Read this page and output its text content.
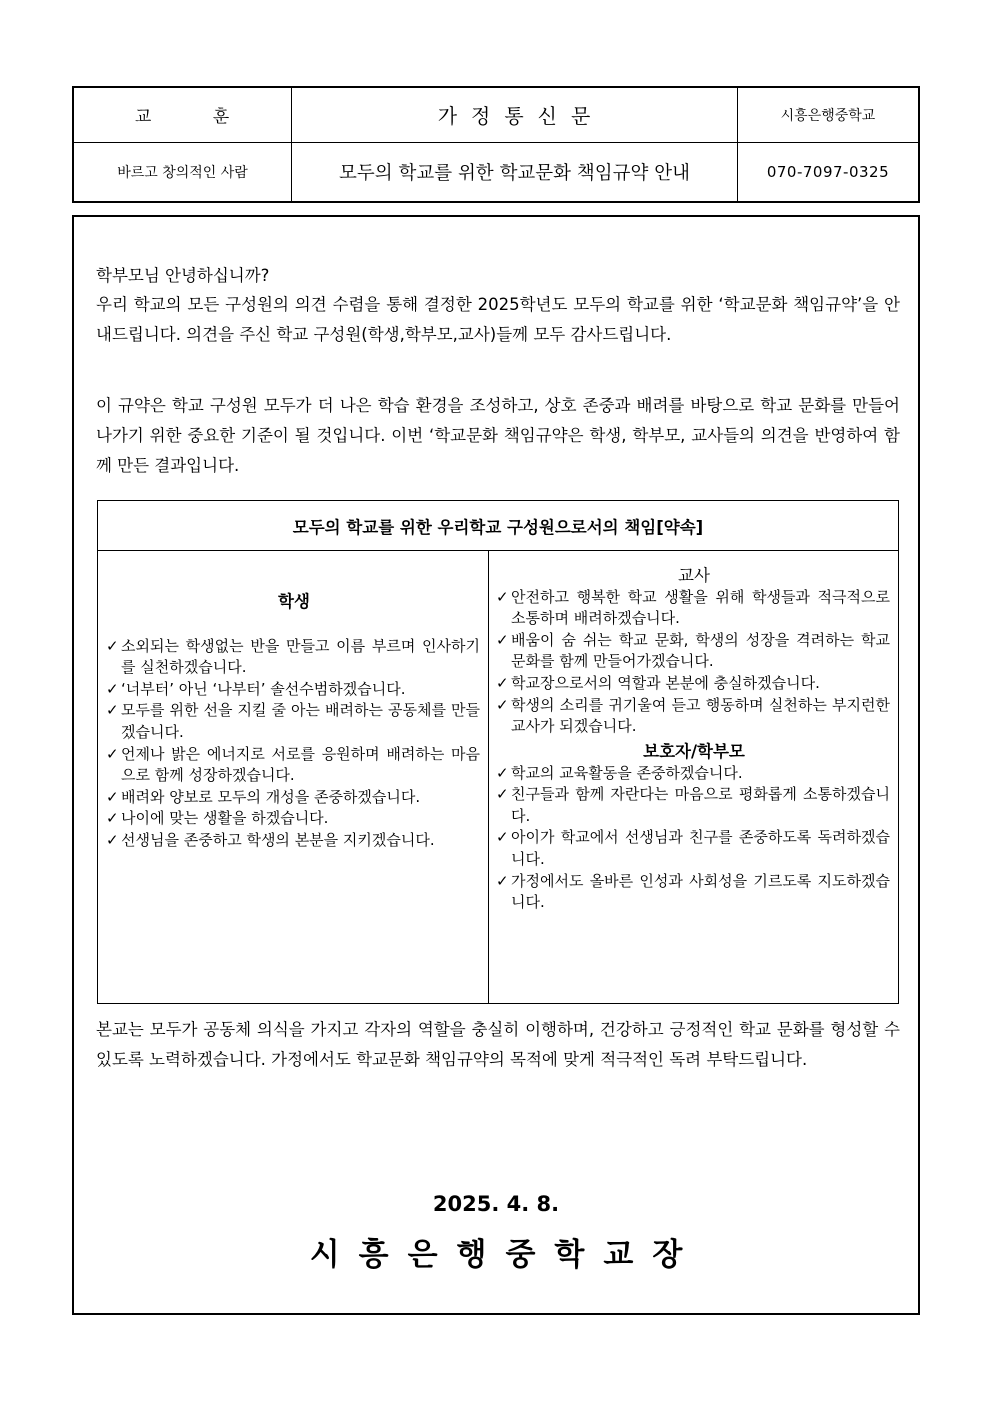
교 훈	가정통신문	시흥은행중학교
바르고 창의적인 사람	모두의 학교를 위한 학교문화 책임규약 안내	070-7097-0325

학부모님 안녕하십니까?

우리 학교의 모든 구성원의 의견 수렴을 통해 결정한 2025학년도 모두의 학교를 위한 ‘학교문화 책임규약’을 안내드립니다. 의견을 주신 학교 구성원(학생,학부모,교사)들께 모두 감사드립니다.

이 규약은 학교 구성원 모두가 더 나은 학습 환경을 조성하고, 상호 존중과 배려를 바탕으로 학교 문화를 만들어 나가기 위한 중요한 기준이 될 것입니다. 이번 ‘학교문화 책임규약은 학생, 학부모, 교사들의 의견을 반영하여 함께 만든 결과입니다.

모두의 학교를 위한 우리학교 구성원으로서의 책임[약속]
학생
✓ 소외되는 학생없는 반을 만들고 이름 부르며 인사하기를 실천하겠습니다.
✓ ‘너부터’ 아닌 ‘나부터’ 솔선수범하겠습니다.
✓ 모두를 위한 선을 지킬 줄 아는 배려하는 공동체를 만들겠습니다.
✓ 언제나 밝은 에너지로 서로를 응원하며 배려하는 마음으로 함께 성장하겠습니다.
✓ 배려와 양보로 모두의 개성을 존중하겠습니다.
✓ 나이에 맞는 생활을 하겠습니다.
✓ 선생님을 존중하고 학생의 본분을 지키겠습니다.
교사
✓ 안전하고 행복한 학교 생활을 위해 학생들과 적극적으로 소통하며 배려하겠습니다.
✓ 배움이 숨 쉬는 학교 문화, 학생의 성장을 격려하는 학교 문화를 함께 만들어가겠습니다.
✓ 학교장으로서의 역할과 본분에 충실하겠습니다.
✓ 학생의 소리를 귀기울여 듣고 행동하며 실천하는 부지런한 교사가 되겠습니다.
보호자/학부모
✓ 학교의 교육활동을 존중하겠습니다.
✓ 친구들과 함께 자란다는 마음으로 평화롭게 소통하겠습니다.
✓ 아이가 학교에서 선생님과 친구를 존중하도록 독려하겠습니다.
✓ 가정에서도 올바른 인성과 사회성을 기르도록 지도하겠습니다.

본교는 모두가 공동체 의식을 가지고 각자의 역할을 충실히 이행하며, 건강하고 긍정적인 학교 문화를 형성할 수 있도록 노력하겠습니다. 가정에서도 학교문화 책임규약의 목적에 맞게 적극적인 독려 부탁드립니다.

2025. 4. 8.
시흥은행중학교장
